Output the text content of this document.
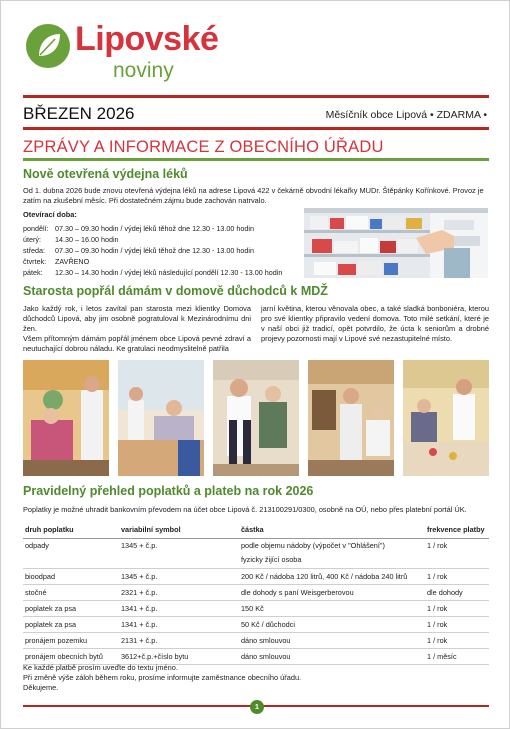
Lipovské
noviny
BŘEZEN 2026	Měsíčník obce Lipová • ZDARMA •
ZPRÁVY A INFORMACE Z OBECNÍHO ÚŘADU
Nově otevřená výdejna léků
Od 1. dubna 2026 bude znovu otevřená výdejna léků na adrese Lipová 422 v čekárně obvodní lékařky MUDr. Štěpánky Kořínkové. Provoz je zatím na zkušební měsíc. Při dostatečném zájmu bude zachován natrvalo.
Otevírací doba:
pondělí: 07.30 – 09.30 hodin / výdej léků těhož dne 12.30 - 13.00 hodin
úterý:	14.30 – 16.00 hodin
středa:	07.30 – 09.30 hodin / výdej léků těhož dne 12.30 - 13.00 hodin
čtvrtek:	ZAVŘENO
pátek:	12.30 – 14.30 hodin / výdej léků následující pondělí 12.30 - 13.00 hodin
Starosta popřál dámám v domově důchodců k MDŽ
Jako každý rok, i letos zavítal pan starosta mezi klientky Domova důchodců Lipová, aby jim osobně pogratuloval k Mezinárodnímu dni žen.
Všem přítomným dámám popřál jménem obce Lipová pevné zdraví a neutuchající dobrou náladu. Ke gratulaci neodmyslitelně patřila
jarní květina, kterou věnovala obec, a také sladká bonboniéra, kterou pro své klientky připravilo vedení domova. Toto milé setkání, které je v naší obci již tradicí, opět potvrdilo, že úcta k seniorům a drobné projevy pozornosti mají v Lipové své nezastupitelné místo.
Pravidelný přehled poplatků a plateb na rok 2026
Poplatky je možné uhradit bankovním převodem na účet obce Lipová č. 213100291/0300, osobně na OÚ, nebo přes platební portál ÚK.
druh poplatku	variabilní symbol	částka	frekvence platby
odpady	1345 + č.p.	podle objemu nádoby (výpočet v "Ohlášení")	1 / rok
		fyzicky žijící osoba	
bioodpad	1345 + č.p.	200 Kč / nádoba 120 litrů, 400 Kč / nádoba 240 litrů	1 / rok
stočné	2321 + č.p.	dle dohody s paní Weisgerberovou	dle dohody
poplatek za psa	1341 + č.p.	150 Kč	1 / rok
poplatek za psa	1341 + č.p.	50 Kč / důchodci	1 / rok
pronájem pozemku	2131 + č.p.	dáno smlouvou	1 / rok
pronájem obecních bytů	3612+č.p.+číslo bytu	dáno smlouvou	1 / měsíc
Ke každé platbě prosím uveďte do textu jméno.
Při změně výše záloh během roku, prosíme informujte zaměstnance obecního úřadu.
Děkujeme.
1
